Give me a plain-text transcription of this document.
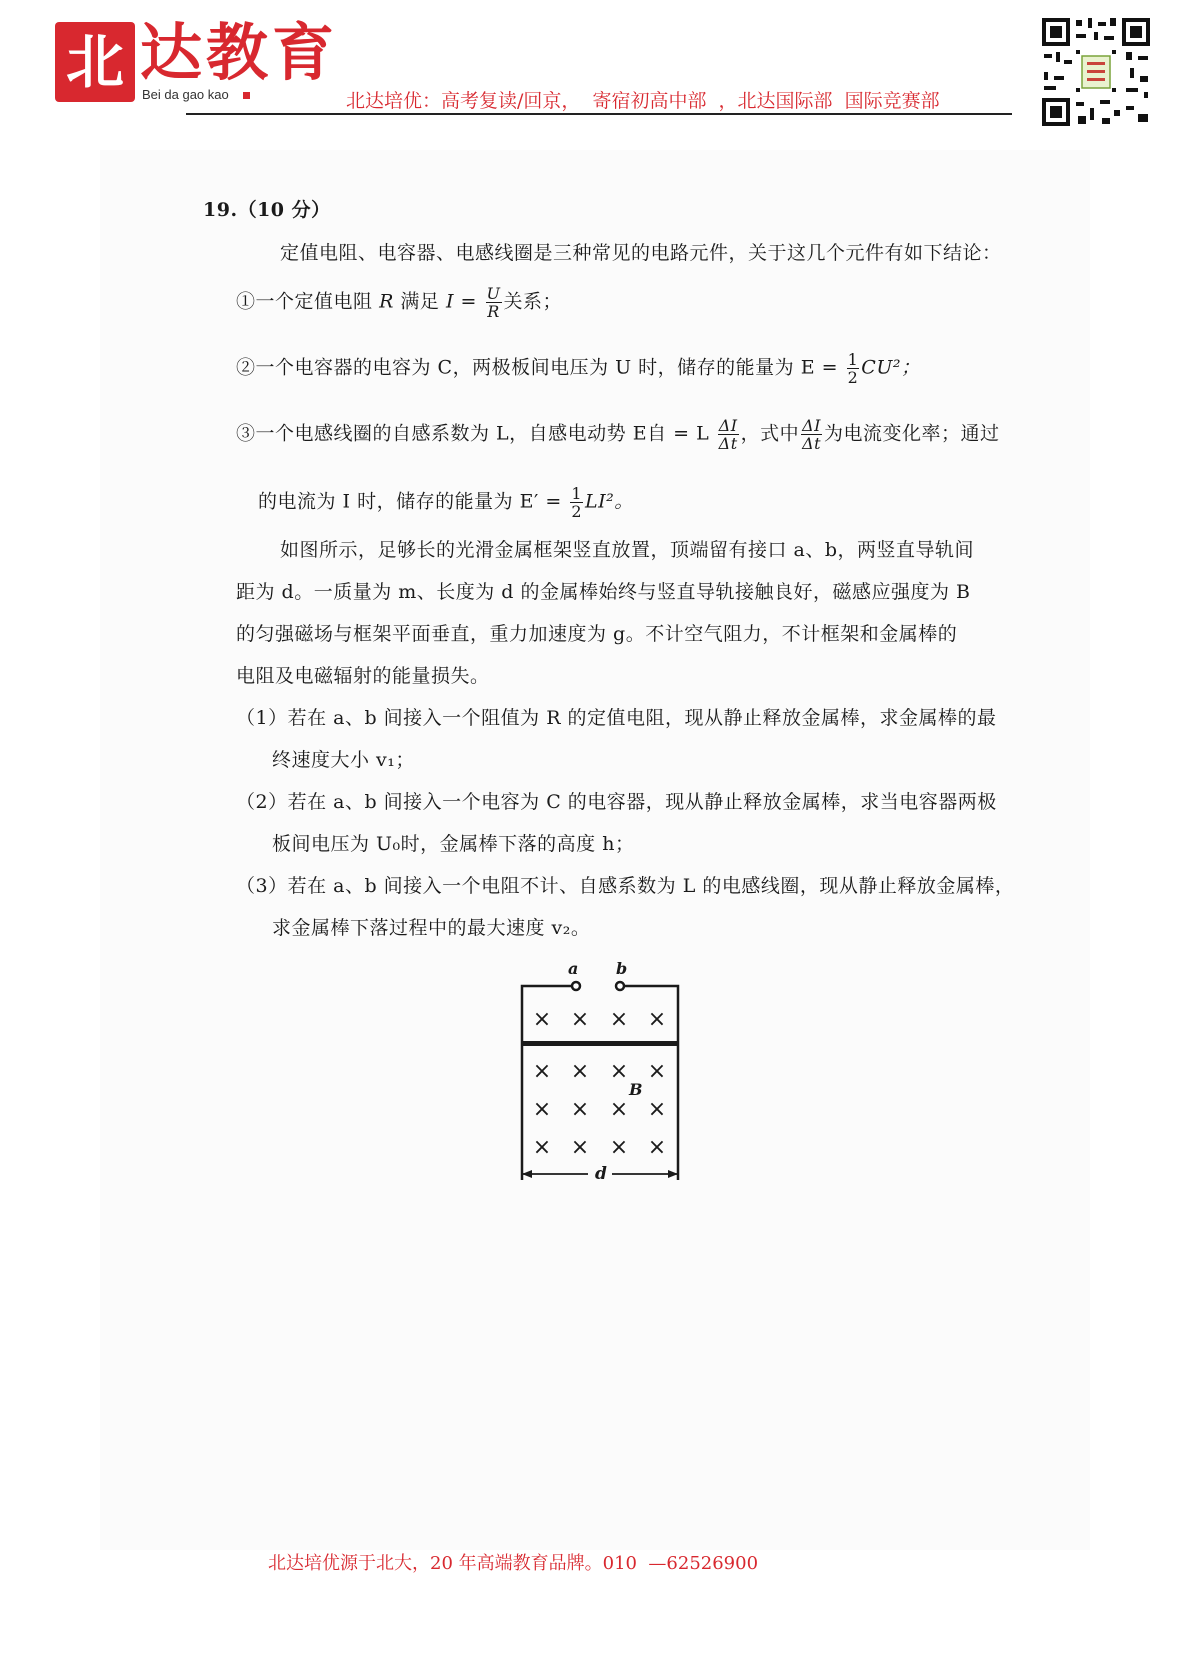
北 达教育
Bei da gao kao	北达培优：高考复读/回京，  寄宿初高中部  ，北达国际部  国际竞赛部
19.（10 分）
定值电阻、电容器、电感线圈是三种常见的电路元件，关于这几个元件有如下结论：
①一个定值电阻 R 满足 $I = \frac{U}{R}$ 关系；
②一个电容器的电容为 C，两极板间电压为 U 时，储存的能量为 $E = \frac{1}{2} CU^2$；
③一个电感线圈的自感系数为 L，自感电动势 E自 = L $\frac{\Delta I}{\Delta t}$ ，式中 $\frac{\Delta I}{\Delta t}$ 为电流变化率；通过
的电流为 I 时，储存的能量为 $E' = \frac{1}{2} LI^2$。
如图所示，足够长的光滑金属框架竖直放置，顶端留有接口 a、b，两竖直导轨间
距为 d。一质量为 m、长度为 d 的金属棒始终与竖直导轨接触良好，磁感应强度为 B
的匀强磁场与框架平面垂直，重力加速度为 g。不计空气阻力，不计框架和金属棒的
电阻及电磁辐射的能量损失。
（1）若在 a、b 间接入一个阻值为 R 的定值电阻，现从静止释放金属棒，求金属棒的最
终速度大小 v₁；
（2）若在 a、b 间接入一个电容为 C 的电容器，现从静止释放金属棒，求当电容器两极
板间电压为 U₀时，金属棒下落的高度 h；
（3）若在 a、b 间接入一个电阻不计、自感系数为 L 的电感线圈，现从静止释放金属棒，
求金属棒下落过程中的最大速度 v₂。
a b
B
d
× × × ×
× × × ×
× × × ×
× × × ×
北达培优源于北大，20 年高端教育品牌。010  —62526900
